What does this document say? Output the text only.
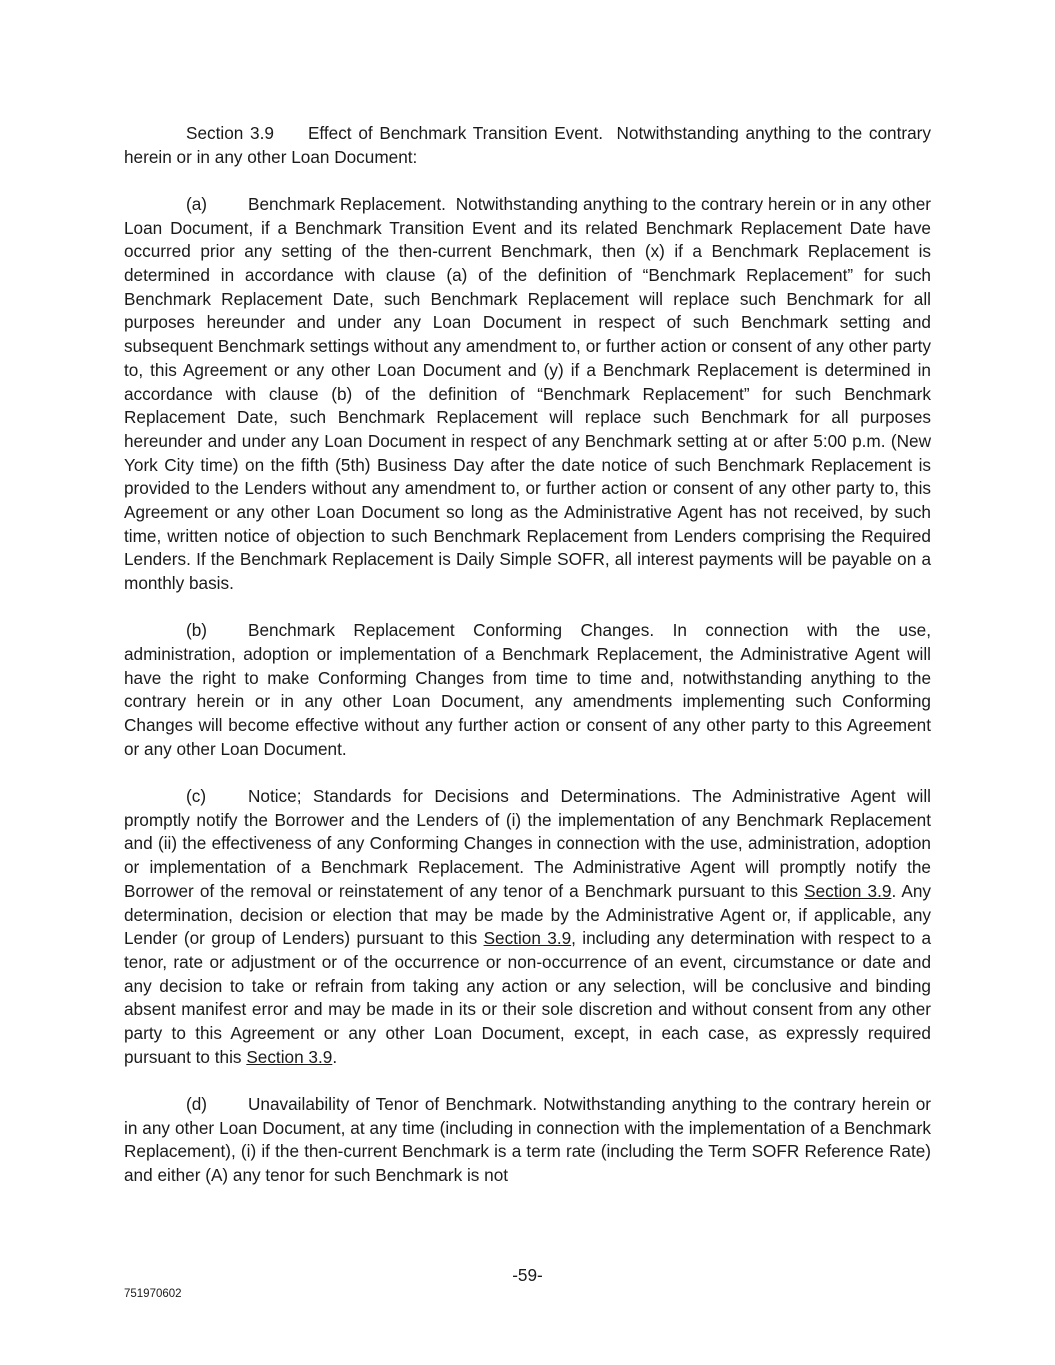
Section 3.9 Effect of Benchmark Transition Event. Notwithstanding anything to the contrary herein or in any other Loan Document:

(a) Benchmark Replacement. Notwithstanding anything to the contrary herein or in any other Loan Document, if a Benchmark Transition Event and its related Benchmark Replacement Date have occurred prior any setting of the then-current Benchmark, then (x) if a Benchmark Replacement is determined in accordance with clause (a) of the definition of “Benchmark Replacement” for such Benchmark Replacement Date, such Benchmark Replacement will replace such Benchmark for all purposes hereunder and under any Loan Document in respect of such Benchmark setting and subsequent Benchmark settings without any amendment to, or further action or consent of any other party to, this Agreement or any other Loan Document and (y) if a Benchmark Replacement is determined in accordance with clause (b) of the definition of “Benchmark Replacement” for such Benchmark Replacement Date, such Benchmark Replacement will replace such Benchmark for all purposes hereunder and under any Loan Document in respect of any Benchmark setting at or after 5:00 p.m. (New York City time) on the fifth (5th) Business Day after the date notice of such Benchmark Replacement is provided to the Lenders without any amendment to, or further action or consent of any other party to, this Agreement or any other Loan Document so long as the Administrative Agent has not received, by such time, written notice of objection to such Benchmark Replacement from Lenders comprising the Required Lenders. If the Benchmark Replacement is Daily Simple SOFR, all interest payments will be payable on a monthly basis.

(b) Benchmark Replacement Conforming Changes. In connection with the use, administration, adoption or implementation of a Benchmark Replacement, the Administrative Agent will have the right to make Conforming Changes from time to time and, notwithstanding anything to the contrary herein or in any other Loan Document, any amendments implementing such Conforming Changes will become effective without any further action or consent of any other party to this Agreement or any other Loan Document.

(c) Notice; Standards for Decisions and Determinations. The Administrative Agent will promptly notify the Borrower and the Lenders of (i) the implementation of any Benchmark Replacement and (ii) the effectiveness of any Conforming Changes in connection with the use, administration, adoption or implementation of a Benchmark Replacement. The Administrative Agent will promptly notify the Borrower of the removal or reinstatement of any tenor of a Benchmark pursuant to this Section 3.9. Any determination, decision or election that may be made by the Administrative Agent or, if applicable, any Lender (or group of Lenders) pursuant to this Section 3.9, including any determination with respect to a tenor, rate or adjustment or of the occurrence or non-occurrence of an event, circumstance or date and any decision to take or refrain from taking any action or any selection, will be conclusive and binding absent manifest error and may be made in its or their sole discretion and without consent from any other party to this Agreement or any other Loan Document, except, in each case, as expressly required pursuant to this Section 3.9.

(d) Unavailability of Tenor of Benchmark. Notwithstanding anything to the contrary herein or in any other Loan Document, at any time (including in connection with the implementation of a Benchmark Replacement), (i) if the then-current Benchmark is a term rate (including the Term SOFR Reference Rate) and either (A) any tenor for such Benchmark is not

-59-
751970602
